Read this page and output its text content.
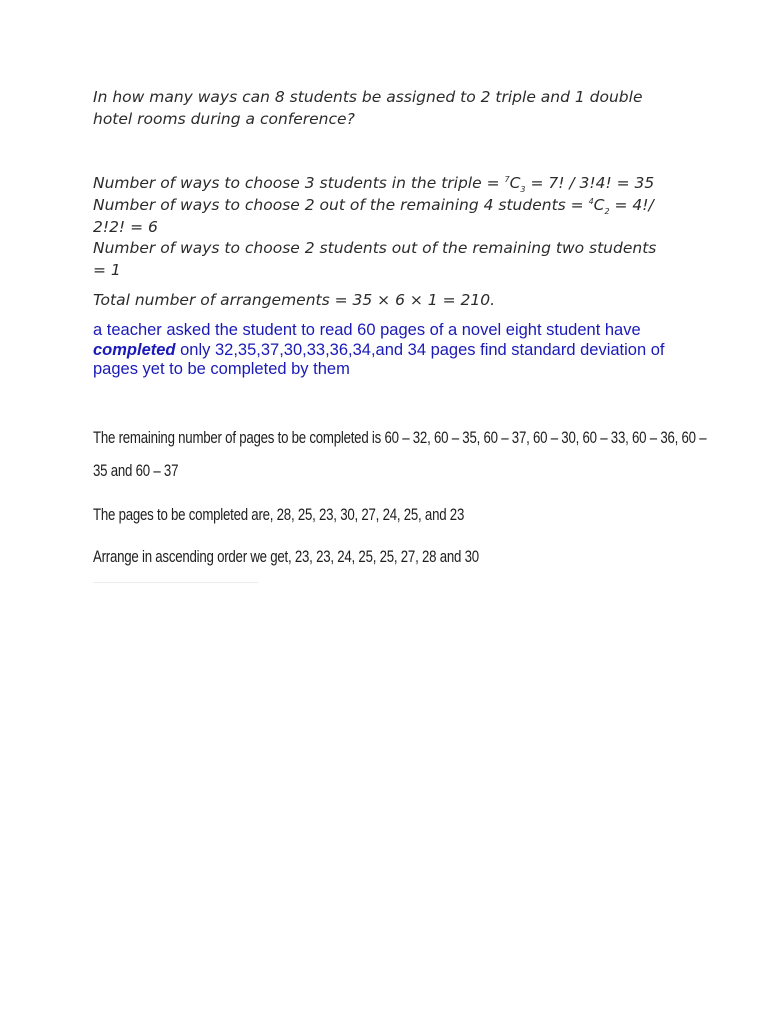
In how many ways can 8 students be assigned to 2 triple and 1 double hotel rooms during a conference?

Number of ways to choose 3 students in the triple = $^7C_3 = 7$! / 3!4! = 35

Number of ways to choose 2 out of the remaining 4 students = $^4C_2 = 4!/$ 2!2! = 6

Number of ways to choose 2 students out of the remaining two students = 1

Total number of arrangements = 35 × 6 × 1 = 210.

a teacher asked the student to read 60 pages of a novel eight student have completed only 32,35,37,30,33,36,34,and 34 pages find standard deviation of pages yet to be completed by them

The remaining number of pages to be completed is 60 – 32, 60 – 35, 60 – 37, 60 – 30, 60 – 33, 60 – 36, 60 –

35 and 60 – 37

The pages to be completed are, 28, 25, 23, 30, 27, 24, 25, and 23

Arrange in ascending order we get, 23, 23, 24, 25, 25, 27, 28 and 30
